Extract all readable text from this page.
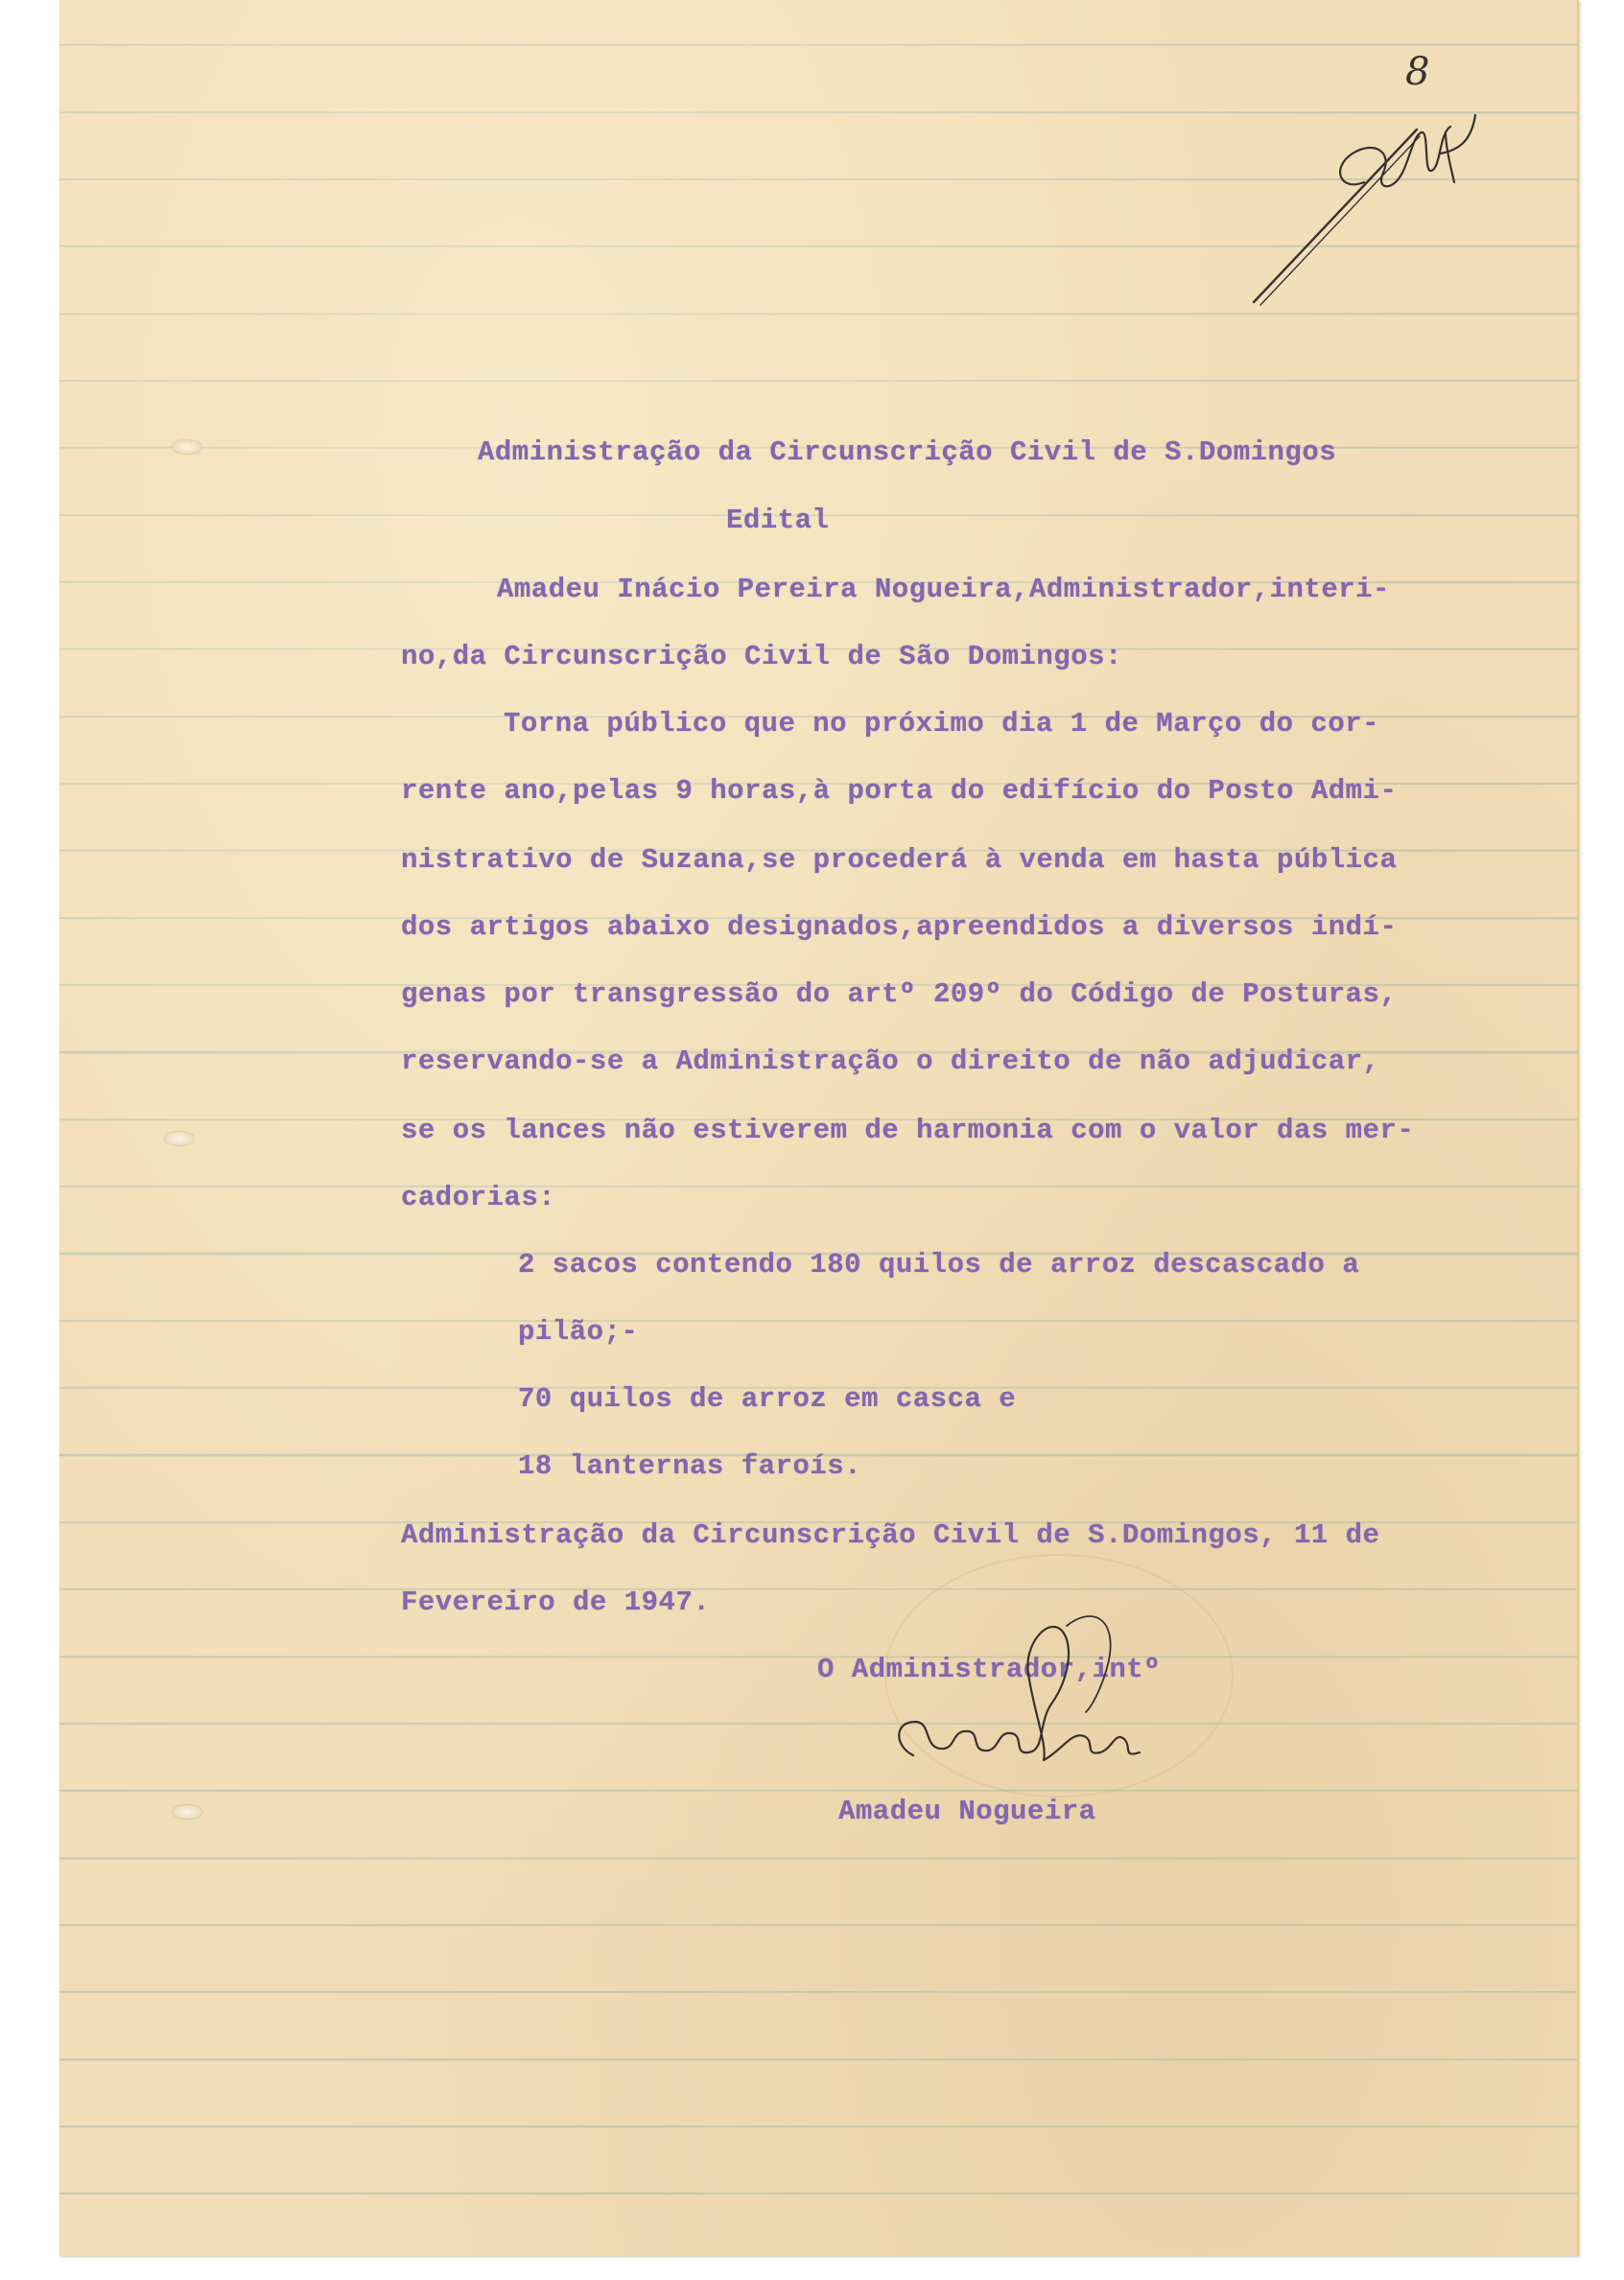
Administração da Circunscrição Civil de S.Domingos

Edital

Amadeu Inácio Pereira Nogueira,Administrador,interi-

no,da Circunscrição Civil de São Domingos:

Torna público que no próximo dia 1 de Março do cor-

rente ano,pelas 9 horas,à porta do edifício do Posto Admi-

nistrativo de Suzana,se procederá à venda em hasta pública

dos artigos abaixo designados,apreendidos a diversos indí-

genas por transgressão do artº 209º do Código de Posturas,

reservando-se a Administração o direito de não adjudicar,

se os lances não estiverem de harmonia com o valor das mer-

cadorias:

2 sacos contendo 180 quilos de arroz descascado a

pilão;-

70 quilos de arroz em casca e

18 lanternas faroís.

Administração da Circunscrição Civil de S.Domingos, 11 de

Fevereiro de 1947.

O Administrador,intº

Amadeu Nogueira

8
